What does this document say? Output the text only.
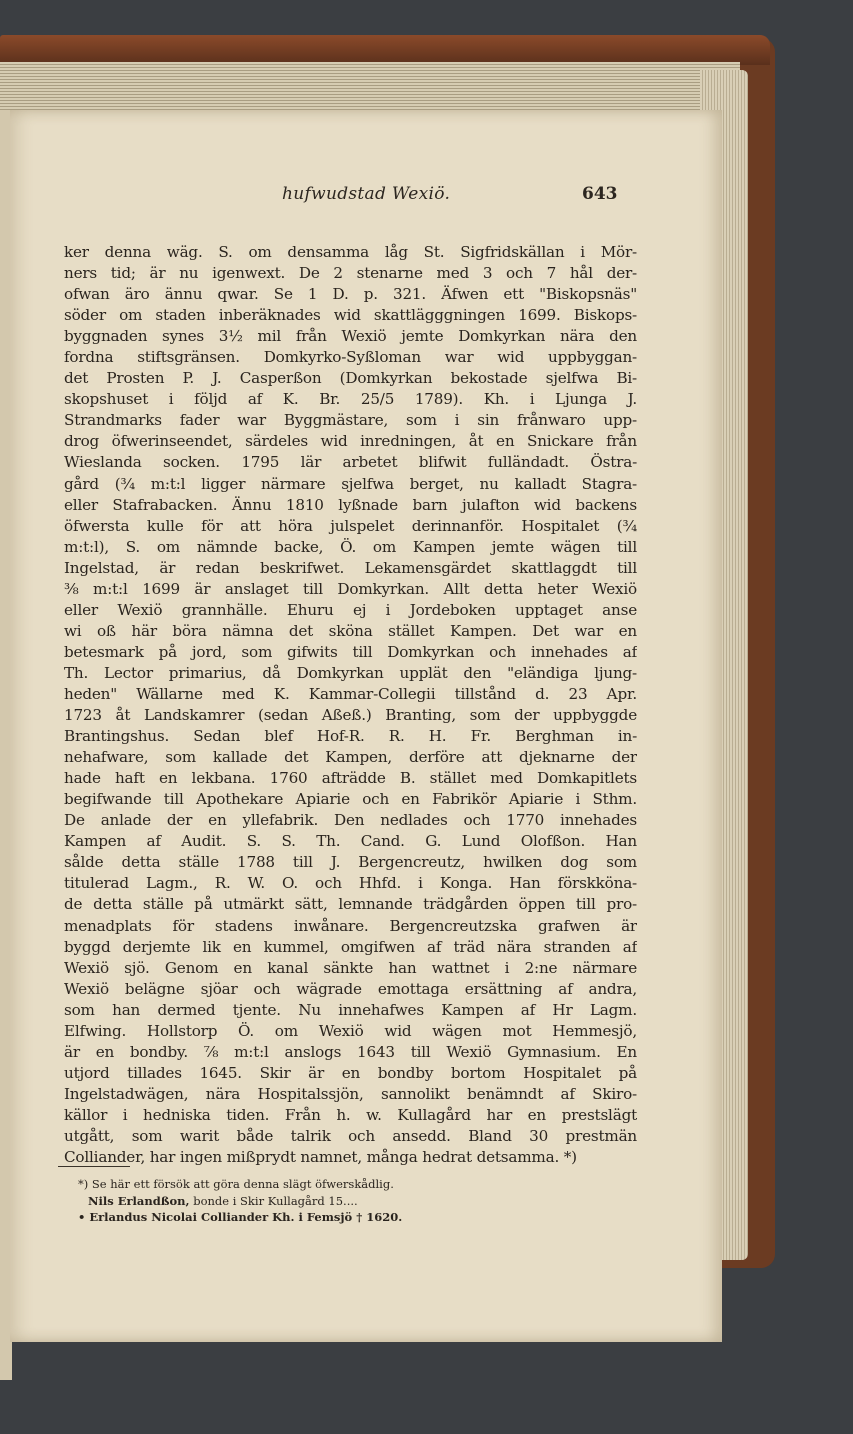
hufwudstad Wexiö.	643
ker denna wäg. S. om densamma låg St. Sigfridskällan i Mör-
ners tid; är nu igenwext. De 2 stenarne med 3 och 7 hål der-
ofwan äro ännu qwar. Se 1 D. p. 321. Äfwen ett "Biskopsnäs"
söder om staden inberäknades wid skattlägggningen 1699. Biskops-
byggnaden synes 3½ mil från Wexiö jemte Domkyrkan nära den
fordna stiftsgränsen. Domkyrko-Syßloman war wid uppbyggan-
det Prosten P. J. Casperßon (Domkyrkan bekostade sjelfwa Bi-
skopshuset i följd af K. Br. 25/5 1789). Kh. i Ljunga J.
Strandmarks fader war Byggmästare, som i sin frånwaro upp-
drog öfwerinseendet, särdeles wid inredningen, åt en Snickare från
Wieslanda socken. 1795 lär arbetet blifwit fulländadt. Östra-
gård (¾ m:t:l ligger närmare sjelfwa berget, nu kalladt Stagra-
eller Stafrabacken. Ännu 1810 lyßnade barn julafton wid backens
öfwersta kulle för att höra julspelet derinnanför. Hospitalet (¾
m:t:l), S. om nämnde backe, Ö. om Kampen jemte wägen till
Ingelstad, är redan beskrifwet. Lekamensgärdet skattlaggdt till
⅜ m:t:l 1699 är anslaget till Domkyrkan. Allt detta heter Wexiö
eller Wexiö grannhälle. Ehuru ej i Jordeboken upptaget anse
wi oß här böra nämna det sköna stället Kampen. Det war en
betesmark på jord, som gifwits till Domkyrkan och innehades af
Th. Lector primarius, då Domkyrkan upplät den "eländiga ljung-
heden" Wällarne med K. Kammar-Collegii tillstånd d. 23 Apr.
1723 åt Landskamrer (sedan Aßeß.) Branting, som der uppbyggde
Brantingshus. Sedan blef Hof-R. R. H. Fr. Berghman in-
nehafware, som kallade det Kampen, derföre att djeknarne der
hade haft en lekbana. 1760 afträdde B. stället med Domkapitlets
begifwande till Apothekare Apiarie och en Fabrikör Apiarie i Sthm.
De anlade der en yllefabrik. Den nedlades och 1770 innehades
Kampen af Audit. S. S. Th. Cand. G. Lund Olofßon. Han
sålde detta ställe 1788 till J. Bergencreutz, hwilken dog som
titulerad Lagm., R. W. O. och Hhfd. i Konga. Han förskköna-
de detta ställe på utmärkt sätt, lemnande trädgården öppen till pro-
menadplats för stadens inwånare. Bergencreutzska grafwen är
byggd derjemte lik en kummel, omgifwen af träd nära stranden af
Wexiö sjö. Genom en kanal sänkte han wattnet i 2:ne närmare
Wexiö belägne sjöar och wägrade emottaga ersättning af andra,
som han dermed tjente. Nu innehafwes Kampen af Hr Lagm.
Elfwing. Hollstorp Ö. om Wexiö wid wägen mot Hemmesjö,
är en bondby. ⅞ m:t:l anslogs 1643 till Wexiö Gymnasium. En
utjord tillades 1645. Skir är en bondby bortom Hospitalet på
Ingelstadwägen, nära Hospitalssjön, sannolikt benämndt af Skiro-
källor i hedniska tiden. Från h. w. Kullagård har en prestslägt
utgått, som warit både talrik och ansedd. Bland 30 prestmän
Colliander, har ingen mißprydt namnet, många hedrat detsamma. *)
*) Se här ett försök att göra denna slägt öfwerskådlig.
Nils Erlandßon, bonde i Skir Kullagård 15....
• Erlandus Nicolai Colliander Kh. i Femsjö † 1620.
